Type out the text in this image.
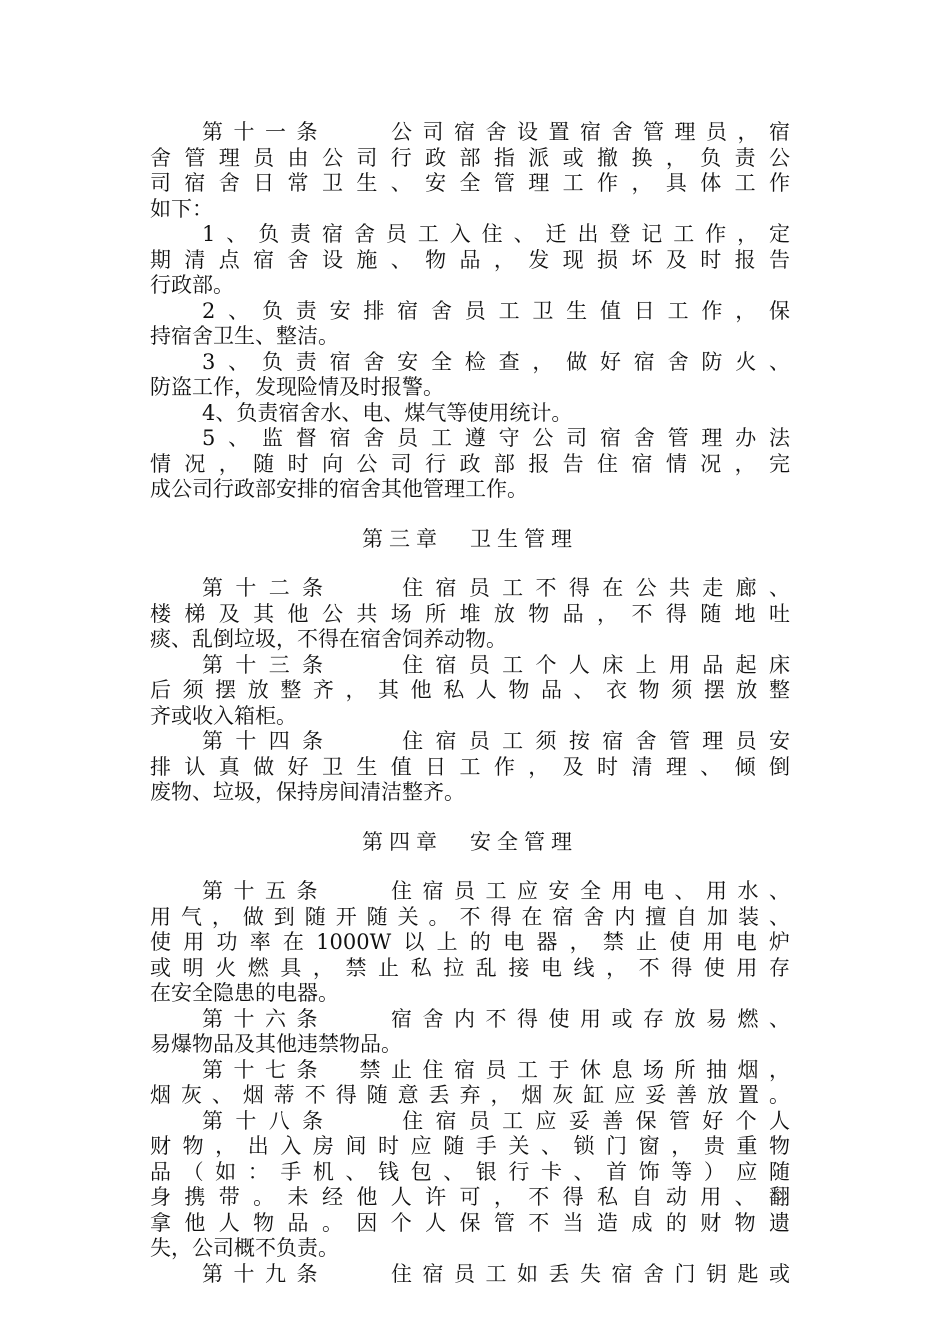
第十一条　　公司宿舍设置宿舍管理员，宿
舍管理员由公司行政部指派或撤换，负责公
司宿舍日常卫生、安全管理工作，具体工作
如下：
1、负责宿舍员工入住、迁出登记工作，定
期清点宿舍设施、物品，发现损坏及时报告
行政部。
2、负责安排宿舍员工卫生值日工作，保
持宿舍卫生、整洁。
3、负责宿舍安全检查，做好宿舍防火、
防盗工作，发现险情及时报警。
4、负责宿舍水、电、煤气等使用统计。
5、监督宿舍员工遵守公司宿舍管理办法
情况，随时向公司行政部报告住宿情况，完
成公司行政部安排的宿舍其他管理工作。
第三章　卫生管理
第十二条　　住宿员工不得在公共走廊、
楼梯及其他公共场所堆放物品，不得随地吐
痰、乱倒垃圾，不得在宿舍饲养动物。
第十三条　　住宿员工个人床上用品起床
后须摆放整齐，其他私人物品、衣物须摆放整
齐或收入箱柜。
第十四条　　住宿员工须按宿舍管理员安
排认真做好卫生值日工作，及时清理、倾倒
废物、垃圾，保持房间清洁整齐。
第四章　安全管理
第十五条　　住宿员工应安全用电、用水、
用气，做到随开随关。不得在宿舍内擅自加装、
使用功率在1000W以上的电器，禁止使用电炉
或明火燃具，禁止私拉乱接电线，不得使用存
在安全隐患的电器。
第十六条　　宿舍内不得使用或存放易燃、
易爆物品及其他违禁物品。
第十七条　禁止住宿员工于休息场所抽烟，
烟灰、烟蒂不得随意丢弃，烟灰缸应妥善放置。
第十八条　　住宿员工应妥善保管好个人
财物，出入房间时应随手关、锁门窗，贵重物
品（如：手机、钱包、银行卡、首饰等）应随
身携带。未经他人许可，不得私自动用、翻
拿他人物品。因个人保管不当造成的财物遗
失，公司概不负责。
第十九条　　住宿员工如丢失宿舍门钥匙或
